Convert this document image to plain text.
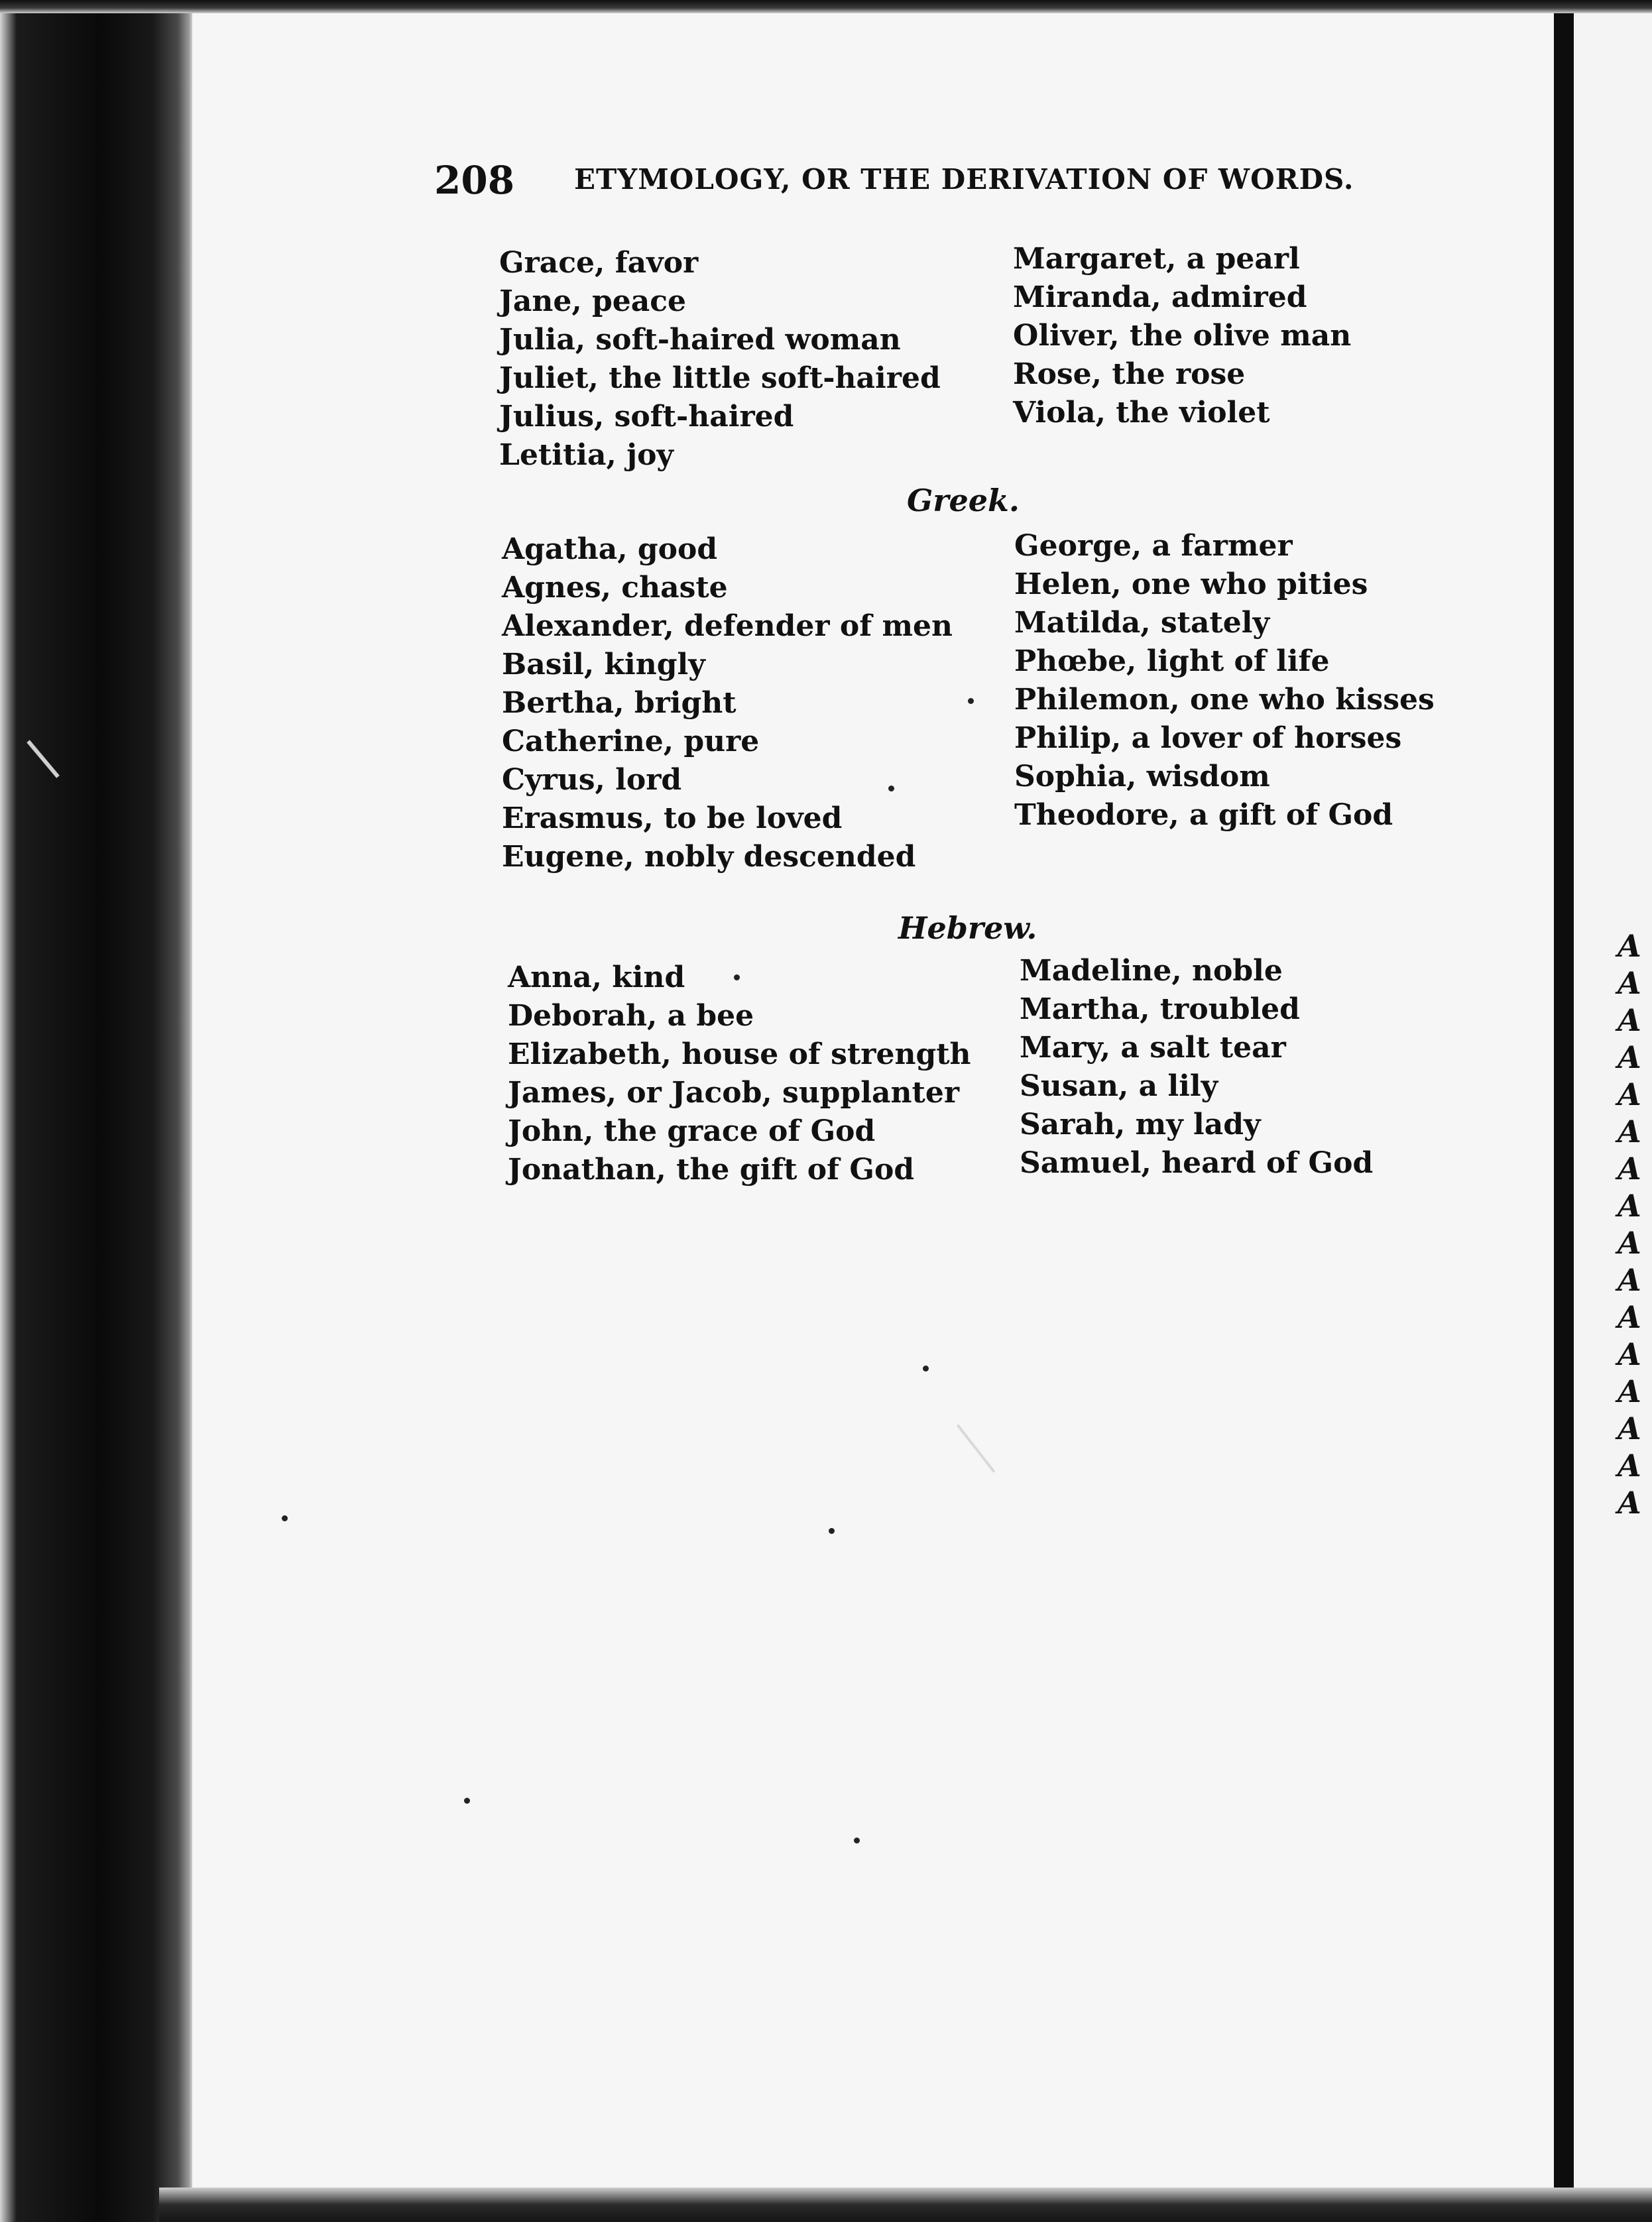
208 ETYMOLOGY, OR THE DERIVATION OF WORDS.
Grace, favor
Jane, peace
Julia, soft-haired woman
Juliet, the little soft-haired
Julius, soft-haired
Letitia, joy
Margaret, a pearl
Miranda, admired
Oliver, the olive man
Rose, the rose
Viola, the violet
Greek.
Agatha, good
Agnes, chaste
Alexander, defender of men
Basil, kingly
Bertha, bright
Catherine, pure
Cyrus, lord
Erasmus, to be loved
Eugene, nobly descended
George, a farmer
Helen, one who pities
Matilda, stately
Phœbe, light of life
Philemon, one who kisses
Philip, a lover of horses
Sophia, wisdom
Theodore, a gift of God
Hebrew.
Anna, kind
Deborah, a bee
Elizabeth, house of strength
James, or Jacob, supplanter
John, the grace of God
Jonathan, the gift of God
Madeline, noble
Martha, troubled
Mary, a salt tear
Susan, a lily
Sarah, my lady
Samuel, heard of God
A
A
A
A
A
A
A
A
A
A
A
A
A
A
A
A
